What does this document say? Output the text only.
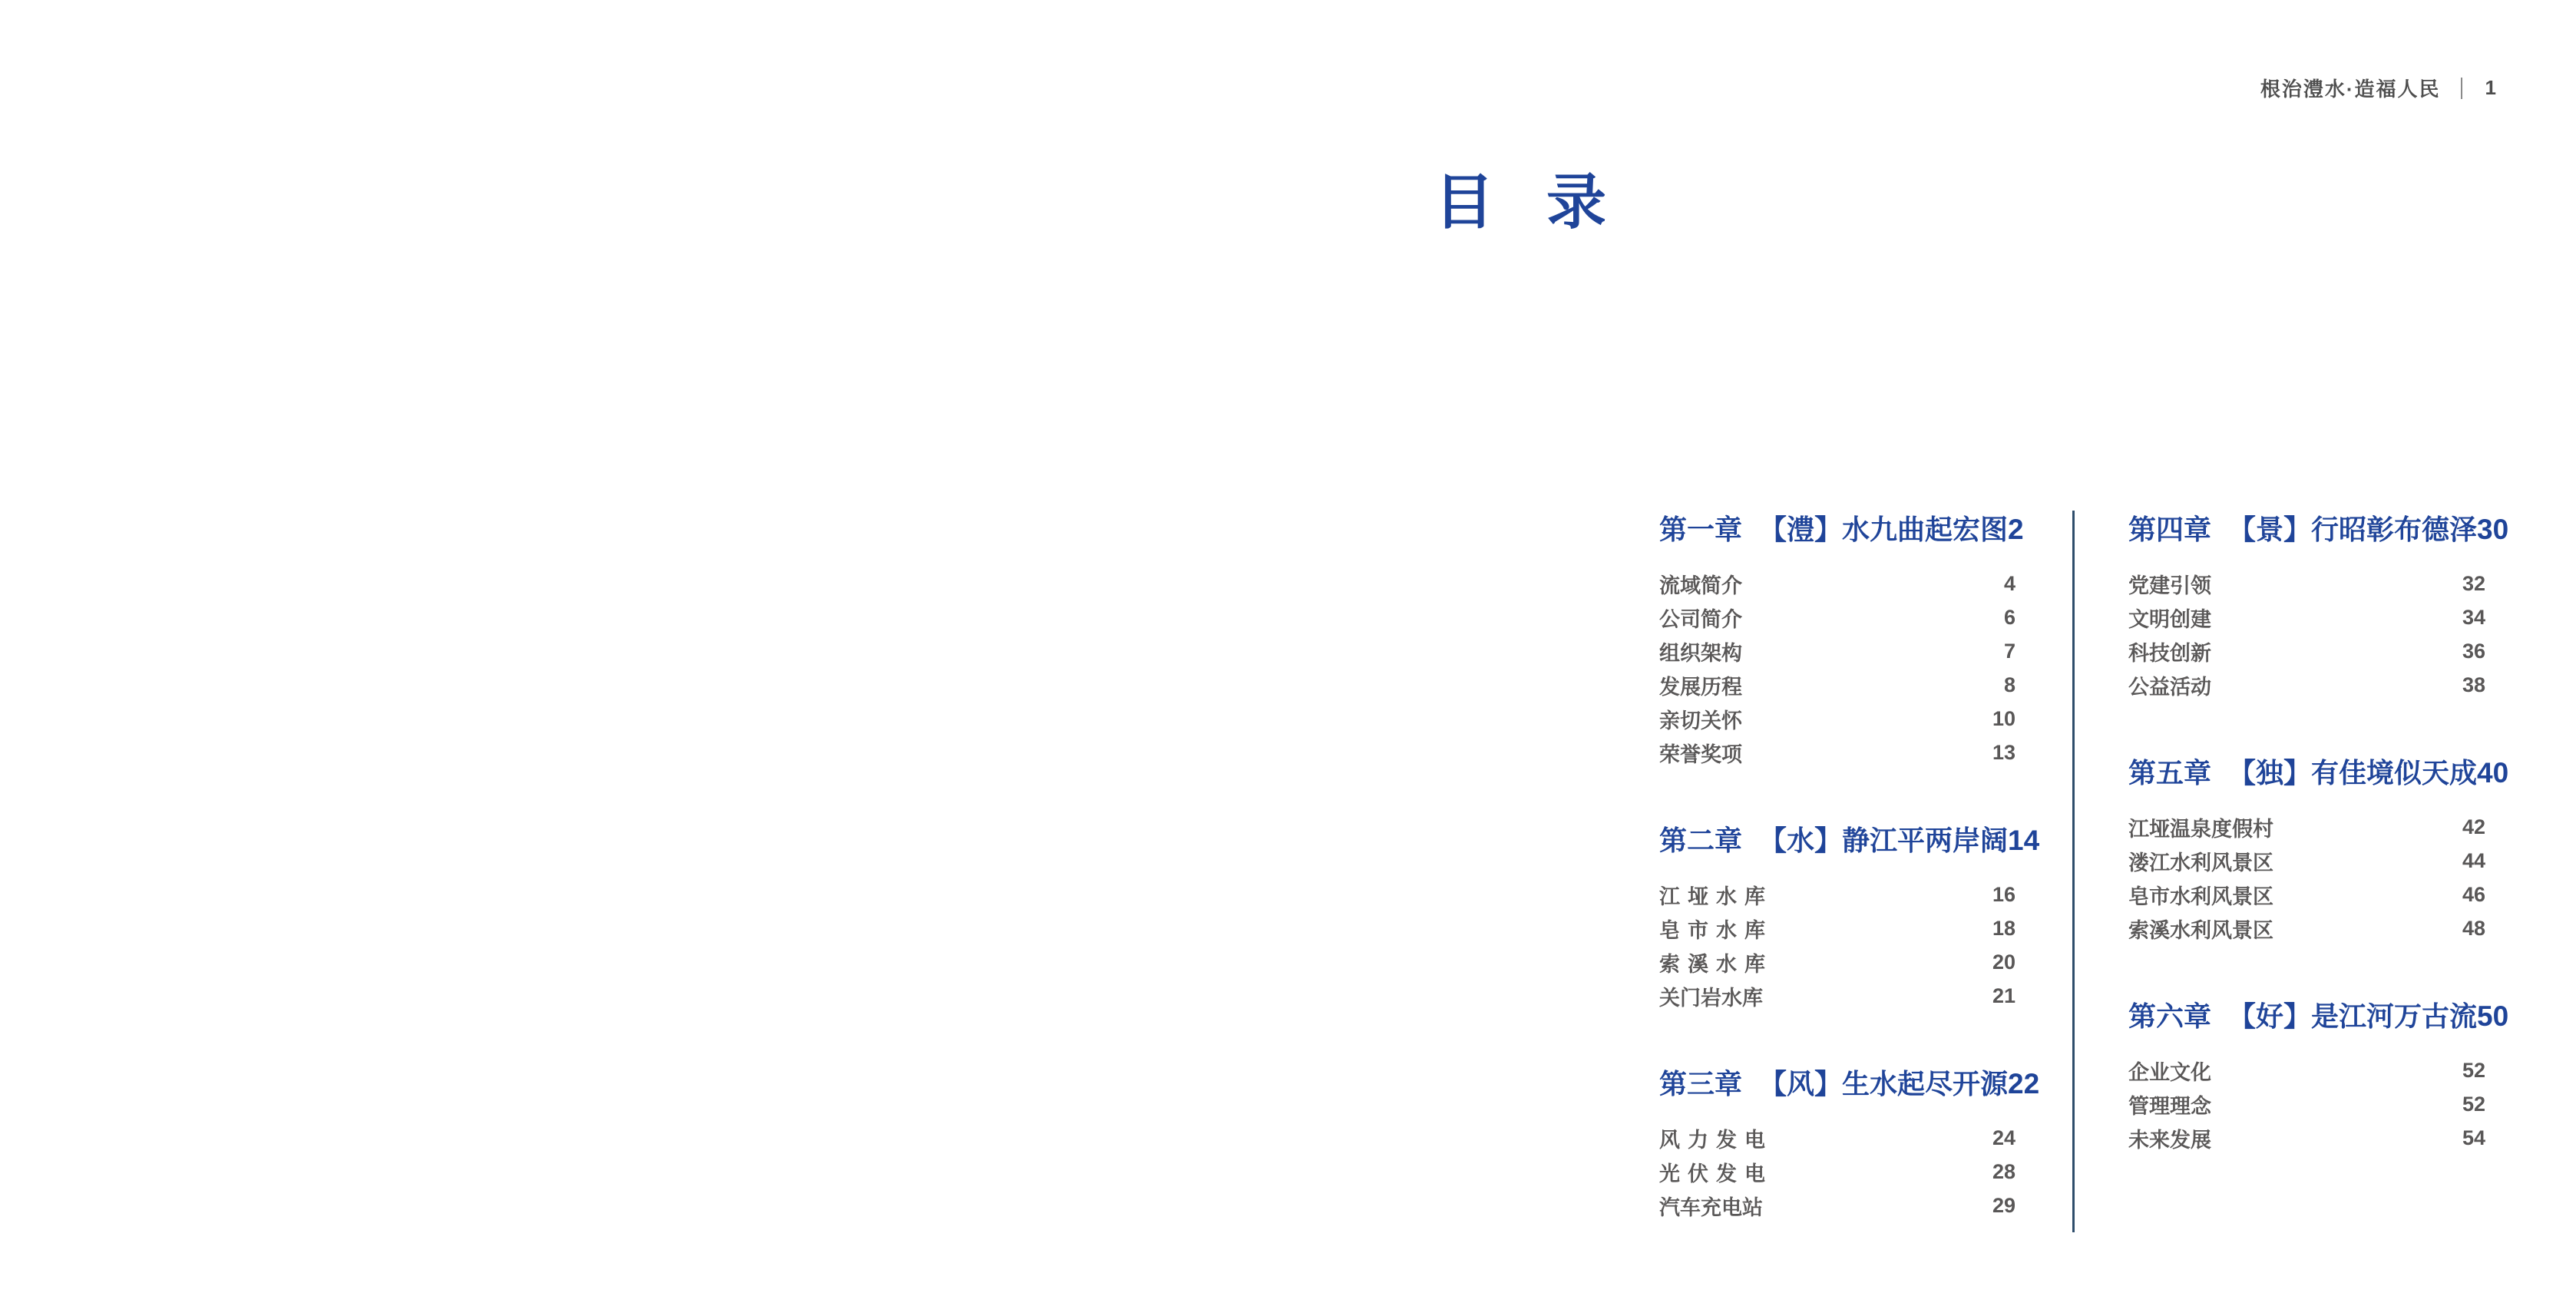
根治澧水·造福人民 1
目 录
第一章 【澧】水九曲起宏图 2
流域简介	4
公司简介	6
组织架构	7
发展历程	8
亲切关怀	10
荣誉奖项	13
第二章 【水】静江平两岸阔 14
江垭水库	16
皂市水库	18
索溪水库	20
关门岩水库	21
第三章 【风】生水起尽开源 22
风力发电	24
光伏发电	28
汽车充电站	29
第四章 【景】行昭彰布德泽 30
党建引领	32
文明创建	34
科技创新	36
公益活动	38
第五章 【独】有佳境似天成 40
江垭温泉度假村	42
溇江水利风景区	44
皂市水利风景区	46
索溪水利风景区	48
第六章 【好】是江河万古流 50
企业文化	52
管理理念	52
未来发展	54
